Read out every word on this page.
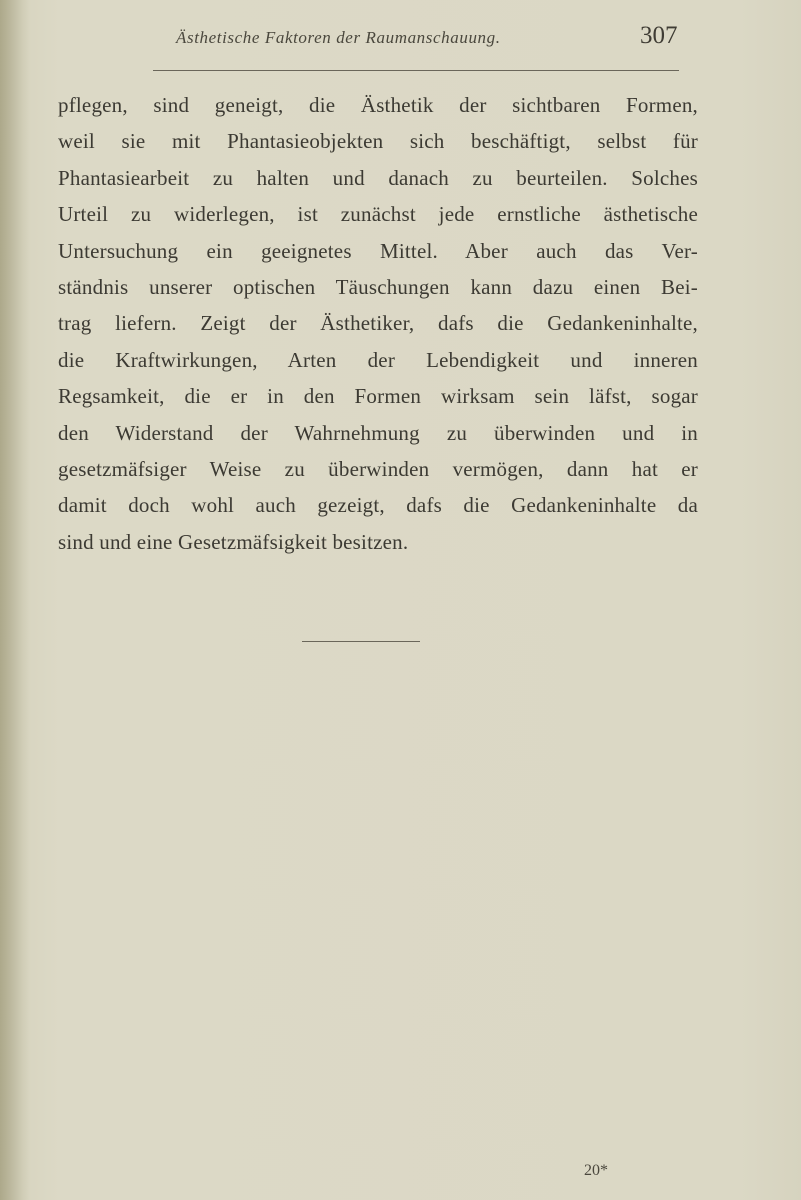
Ästhetische Faktoren der Raumanschauung.	307
pflegen, sind geneigt, die Ästhetik der sichtbaren Formen,
weil sie mit Phantasieobjekten sich beschäftigt, selbst für
Phantasiearbeit zu halten und danach zu beurteilen. Solches
Urteil zu widerlegen, ist zunächst jede ernstliche ästhetische
Untersuchung ein geeignetes Mittel. Aber auch das Ver-
ständnis unserer optischen Täuschungen kann dazu einen Bei-
trag liefern. Zeigt der Ästhetiker, dafs die Gedankeninhalte,
die Kraftwirkungen, Arten der Lebendigkeit und inneren
Regsamkeit, die er in den Formen wirksam sein läfst, sogar
den Widerstand der Wahrnehmung zu überwinden und in
gesetzmäfsiger Weise zu überwinden vermögen, dann hat er
damit doch wohl auch gezeigt, dafs die Gedankeninhalte da
sind und eine Gesetzmäfsigkeit besitzen.
20*
